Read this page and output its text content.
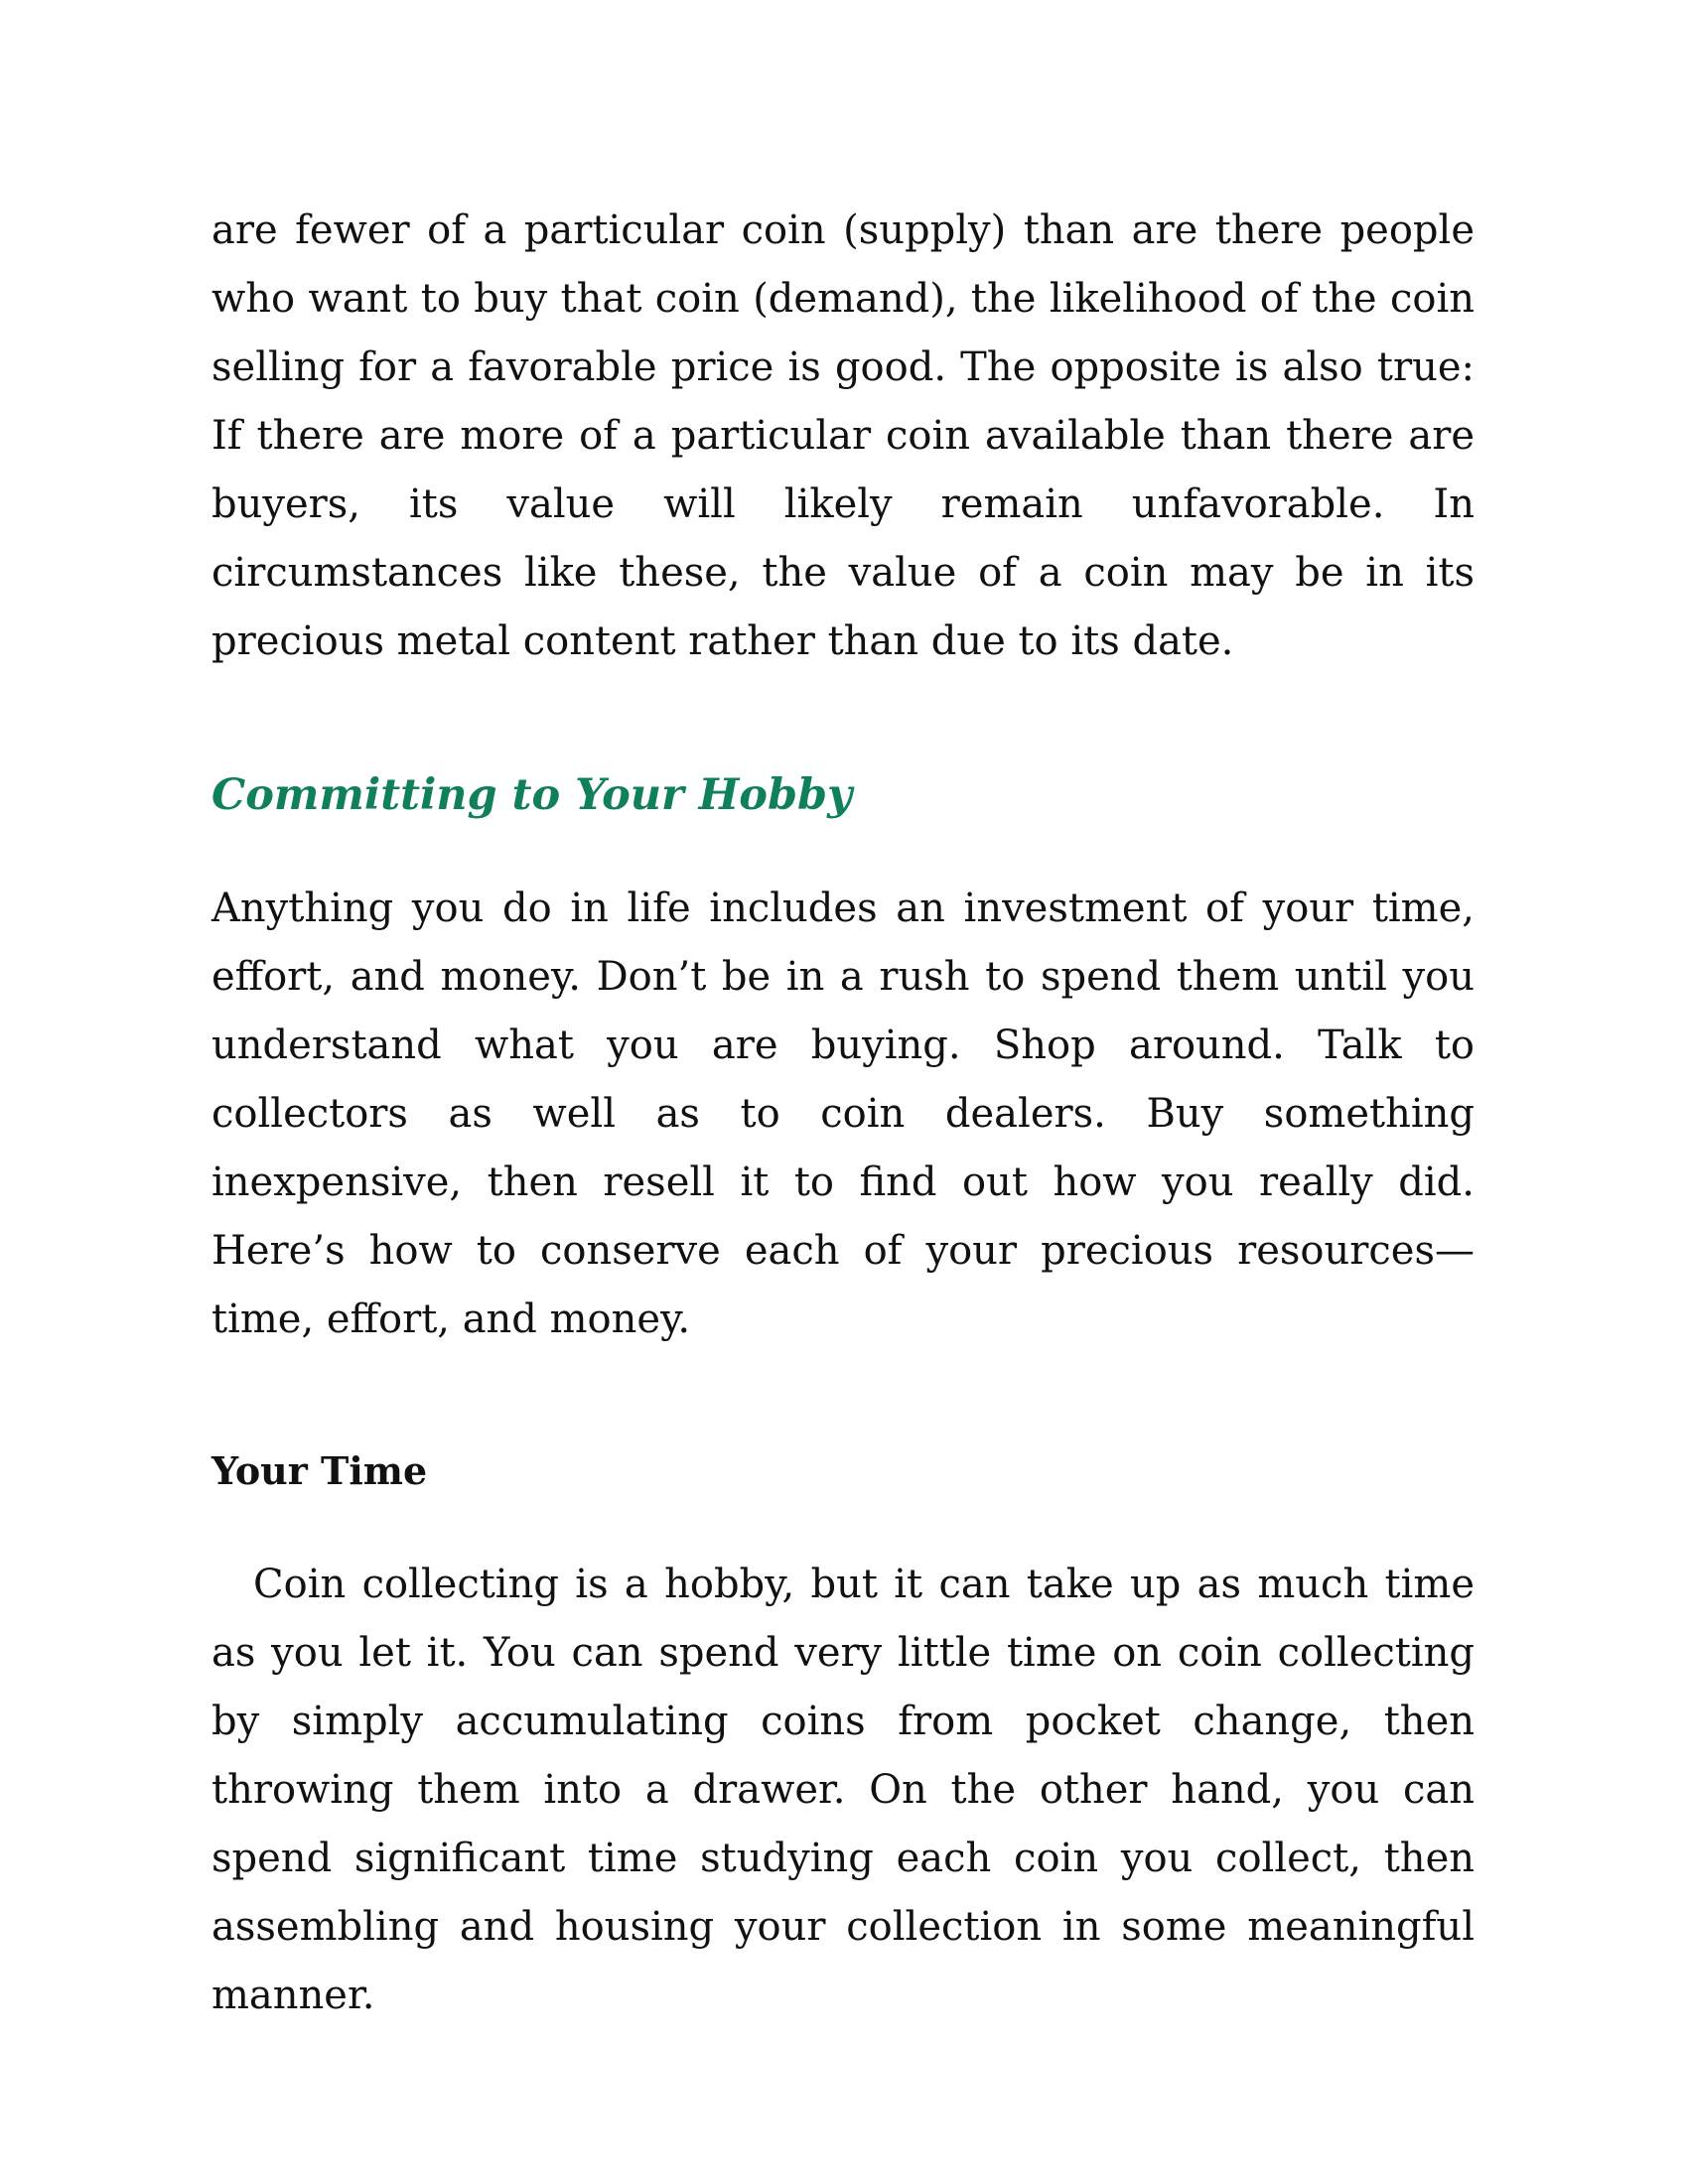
are fewer of a particular coin (supply) than are there people who want to buy that coin (demand), the likelihood of the coin selling for a favorable price is good. The opposite is also true: If there are more of a particular coin available than there are buyers, its value will likely remain unfavorable. In circumstances like these, the value of a coin may be in its precious metal content rather than due to its date.

Committing to Your Hobby

Anything you do in life includes an investment of your time, effort, and money. Don’t be in a rush to spend them until you understand what you are buying. Shop around. Talk to collectors as well as to coin dealers. Buy something inexpensive, then resell it to find out how you really did. Here’s how to conserve each of your precious resources—time, effort, and money.

Your Time

Coin collecting is a hobby, but it can take up as much time as you let it. You can spend very little time on coin collecting by simply accumulating coins from pocket change, then throwing them into a drawer. On the other hand, you can spend significant time studying each coin you collect, then assembling and housing your collection in some meaningful manner.
